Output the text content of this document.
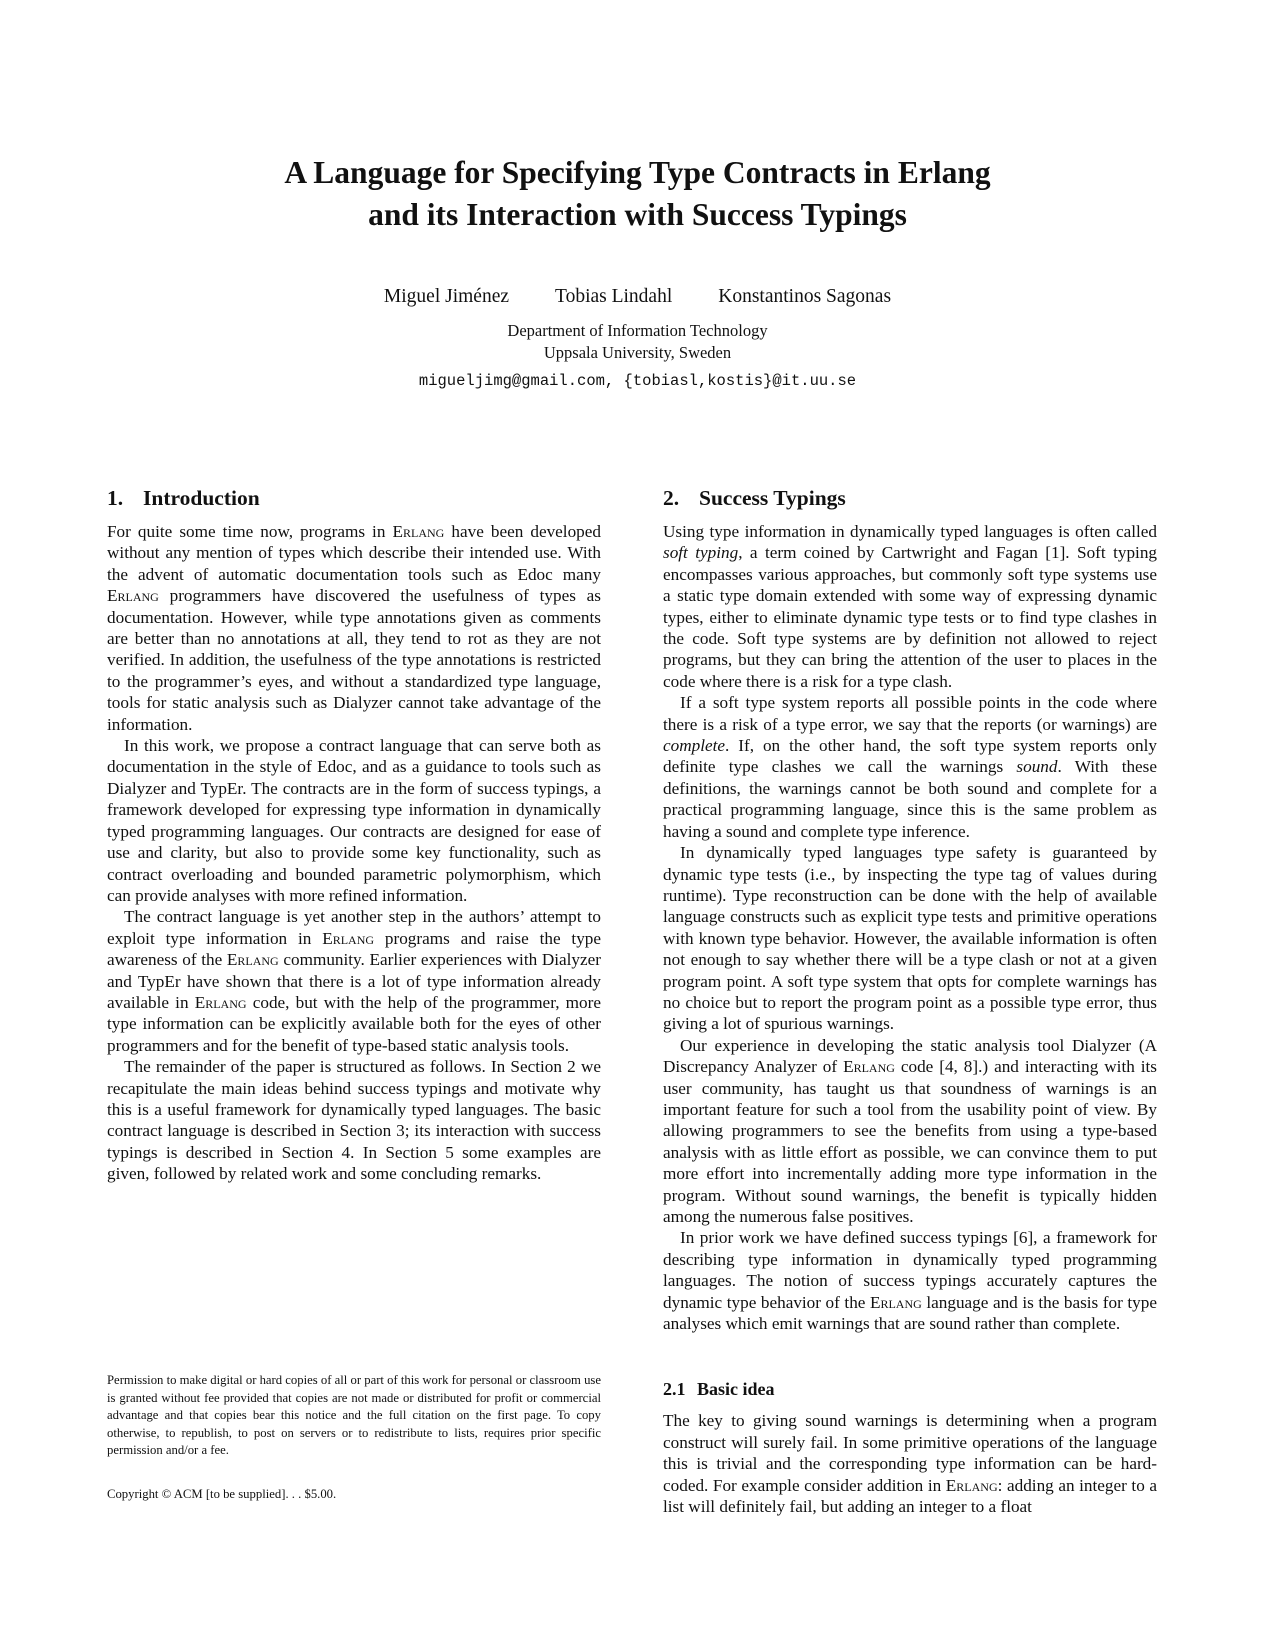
A Language for Specifying Type Contracts in Erlang
and its Interaction with Success Typings
Miguel Jiménez Tobias Lindahl Konstantinos Sagonas
Department of Information Technology
Uppsala University, Sweden
migueljimg@gmail.com, {tobiasl,kostis}@it.uu.se
1. Introduction

For quite some time now, programs in Erlang have been developed without any mention of types which describe their intended use. With the advent of automatic documentation tools such as Edoc many Erlang programmers have discovered the usefulness of types as documentation. However, while type annotations given as comments are better than no annotations at all, they tend to rot as they are not verified. In addition, the usefulness of the type annotations is restricted to the programmer’s eyes, and without a standardized type language, tools for static analysis such as Dialyzer cannot take advantage of the information.

In this work, we propose a contract language that can serve both as documentation in the style of Edoc, and as a guidance to tools such as Dialyzer and TypEr. The contracts are in the form of success typings, a framework developed for expressing type information in dynamically typed programming languages. Our contracts are designed for ease of use and clarity, but also to provide some key functionality, such as contract overloading and bounded parametric polymorphism, which can provide analyses with more refined information.

The contract language is yet another step in the authors’ attempt to exploit type information in Erlang programs and raise the type awareness of the Erlang community. Earlier experiences with Dialyzer and TypEr have shown that there is a lot of type information already available in Erlang code, but with the help of the programmer, more type information can be explicitly available both for the eyes of other programmers and for the benefit of type-based static analysis tools.

The remainder of the paper is structured as follows. In Section 2 we recapitulate the main ideas behind success typings and motivate why this is a useful framework for dynamically typed languages. The basic contract language is described in Section 3; its interaction with success typings is described in Section 4. In Section 5 some examples are given, followed by related work and some concluding remarks.

2. Success Typings

Using type information in dynamically typed languages is often called soft typing, a term coined by Cartwright and Fagan [1]. Soft typing encompasses various approaches, but commonly soft type systems use a static type domain extended with some way of expressing dynamic types, either to eliminate dynamic type tests or to find type clashes in the code. Soft type systems are by definition not allowed to reject programs, but they can bring the attention of the user to places in the code where there is a risk for a type clash.

If a soft type system reports all possible points in the code where there is a risk of a type error, we say that the reports (or warnings) are complete. If, on the other hand, the soft type system reports only definite type clashes we call the warnings sound. With these definitions, the warnings cannot be both sound and complete for a practical programming language, since this is the same problem as having a sound and complete type inference.

In dynamically typed languages type safety is guaranteed by dynamic type tests (i.e., by inspecting the type tag of values during runtime). Type reconstruction can be done with the help of available language constructs such as explicit type tests and primitive operations with known type behavior. However, the available information is often not enough to say whether there will be a type clash or not at a given program point. A soft type system that opts for complete warnings has no choice but to report the program point as a possible type error, thus giving a lot of spurious warnings.

Our experience in developing the static analysis tool Dialyzer (A Discrepancy Analyzer of Erlang code [4, 8].) and interacting with its user community, has taught us that soundness of warnings is an important feature for such a tool from the usability point of view. By allowing programmers to see the benefits from using a type-based analysis with as little effort as possible, we can convince them to put more effort into incrementally adding more type information in the program. Without sound warnings, the benefit is typically hidden among the numerous false positives.

In prior work we have defined success typings [6], a framework for describing type information in dynamically typed programming languages. The notion of success typings accurately captures the dynamic type behavior of the Erlang language and is the basis for type analyses which emit warnings that are sound rather than complete.

2.1 Basic idea

The key to giving sound warnings is determining when a program construct will surely fail. In some primitive operations of the language this is trivial and the corresponding type information can be hard-coded. For example consider addition in Erlang: adding an integer to a list will definitely fail, but adding an integer to a float

Permission to make digital or hard copies of all or part of this work for personal or classroom use is granted without fee provided that copies are not made or distributed for profit or commercial advantage and that copies bear this notice and the full citation on the first page. To copy otherwise, to republish, to post on servers or to redistribute to lists, requires prior specific permission and/or a fee.
Copyright © ACM [to be supplied]. . . $5.00.
